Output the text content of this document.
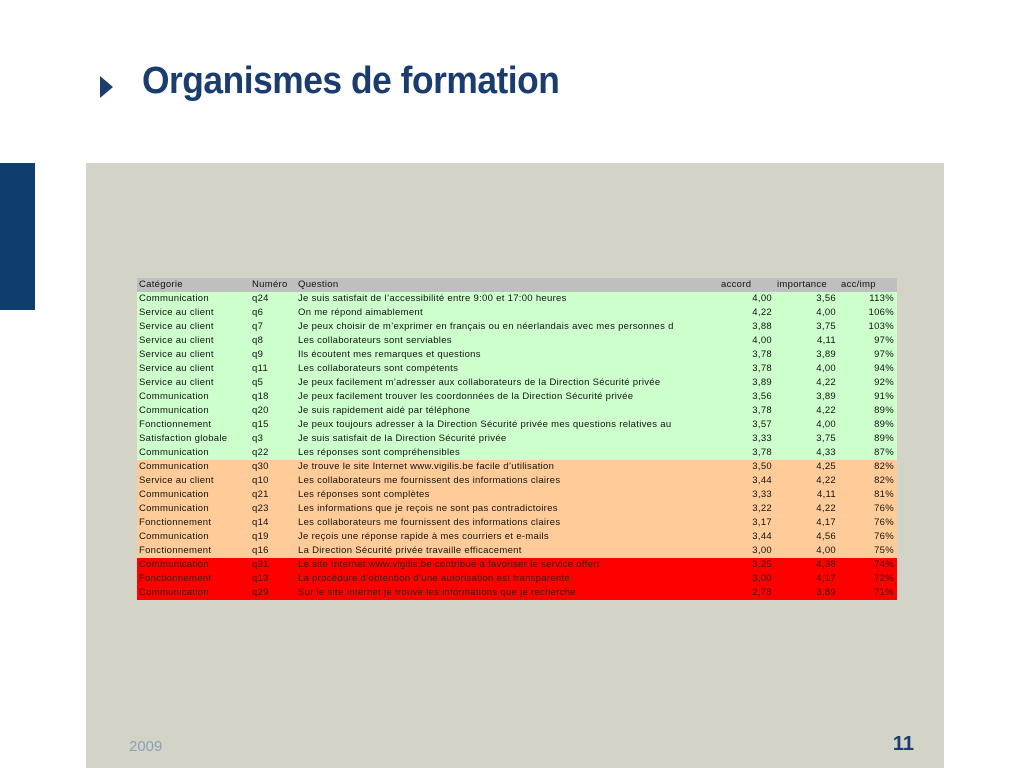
Organismes de formation
Catégorie	Numéro	Question	accord	importance	acc/imp
Communication	q24	Je suis satisfait de l’accessibilité entre 9:00 et 17:00 heures	4,00	3,56	113%
Service au client	q6	On me répond aimablement	4,22	4,00	106%
Service au client	q7	Je peux choisir de m’exprimer en français ou en néerlandais avec mes personnes d	3,88	3,75	103%
Service au client	q8	Les collaborateurs sont serviables	4,00	4,11	97%
Service au client	q9	Ils écoutent mes remarques et questions	3,78	3,89	97%
Service au client	q11	Les collaborateurs sont compétents	3,78	4,00	94%
Service au client	q5	Je peux facilement m’adresser aux collaborateurs de la Direction Sécurité privée	3,89	4,22	92%
Communication	q18	Je peux facilement trouver les coordonnées de la Direction Sécurité privée	3,56	3,89	91%
Communication	q20	Je suis rapidement aidé par téléphone	3,78	4,22	89%
Fonctionnement	q15	Je peux toujours adresser à la Direction Sécurité privée mes questions relatives au	3,57	4,00	89%
Satisfaction globale	q3	Je suis satisfait de la Direction Sécurité privée	3,33	3,75	89%
Communication	q22	Les réponses sont compréhensibles	3,78	4,33	87%
Communication	q30	Je trouve le site Internet www.vigilis.be facile d’utilisation	3,50	4,25	82%
Service au client	q10	Les collaborateurs me fournissent des informations claires	3,44	4,22	82%
Communication	q21	Les réponses sont complètes	3,33	4,11	81%
Communication	q23	Les informations que je reçois ne sont pas contradictoires	3,22	4,22	76%
Fonctionnement	q14	Les collaborateurs me fournissent des informations claires	3,17	4,17	76%
Communication	q19	Je reçois une réponse rapide à mes courriers et e-mails	3,44	4,56	76%
Fonctionnement	q16	La Direction Sécurité privée travaille efficacement	3,00	4,00	75%
Communication	q31	Le site Internet www.vigilis.be contribue à favoriser le service offert	3,25	4,38	74%
Fonctionnement	q13	La procédure d’obtention d’une autorisation est transparente	3,00	4,17	72%
Communication	q29	Sur le site Internet je trouve les informations que je recherche	2,78	3,89	71%
2009	11
